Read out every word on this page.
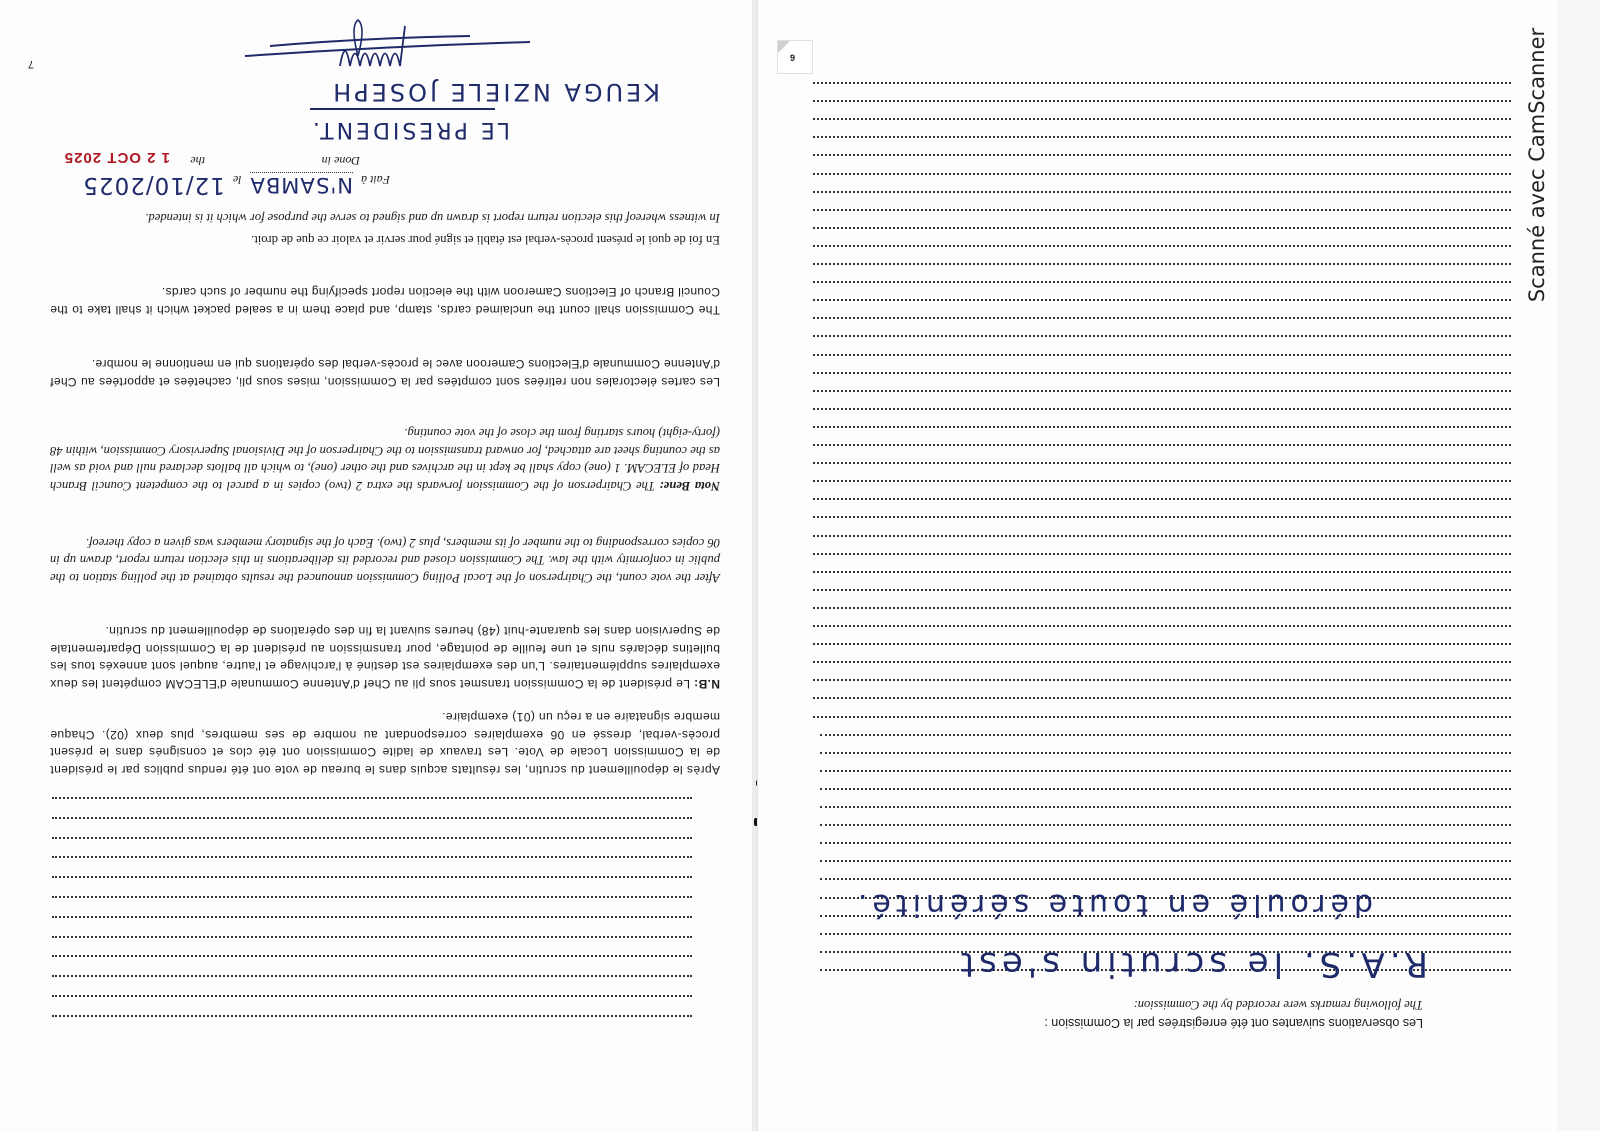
7
KEUGA NZIELE JOSEPH
LE PRESIDENT.
Done in
the
1 2 OCT 2025
Fait à
N'SAMBA
le
12/10/2025
In witness whereof this election return report is drawn up and signed to serve the purpose for which it is intended.
En foi de quoi le présent procès-verbal est établi et signé pour servir et valoir ce que de droit.
The Commission shall count the unclaimed cards, stamp, and place them in a sealed packet which it shall take to the Council Branch of Elections Cameroon with the election report specifying the number of such cards.
Les cartes électorales non retirées sont comptées par la Commission, mises sous pli, cachetées et apportées au Chef d'Antenne Communale d'Elections Cameroon avec le procès-verbal des opérations qui en mentionne le nombre.
Nota Bene: The Chairperson of the Commission forwards the extra 2 (two) copies in a parcel to the competent Council Branch Head of ELECAM. 1 (one) copy shall be kept in the archives and the other (one), to which all ballots declared null and void as well as the counting sheet are attached, for onward transmission to the Chairperson of the Divisional Supervisory Commission, within 48 (forty-eight) hours starting from the close of the vote counting.
After the vote count, the Chairperson of the Local Polling Commission announced the results obtained at the polling station to the public in conformity with the law. The Commission closed and recorded its deliberations in this election return report, drawn up in 06 copies corresponding to the number of its members, plus 2 (two). Each of the signatory members was given a copy thereof.
N.B: Le président de la Commission transmet sous pli au Chef d'Antenne Communale d'ELECAM compétent les deux exemplaires supplémentaires. L'un des exemplaires est destiné à l'archivage et l'autre, auquel sont annexés tous les bulletins déclarés nuls et une feuille de pointage, pour transmission au président de la Commission Départementale de Supervision dans les quarante-huit (48) heures suivant la fin des opérations de dépouillement du scrutin.
Après le dépouillement du scrutin, les résultats acquis dans le bureau de vote ont été rendus publics par le président de la Commission Locale de Vote. Les travaux de ladite Commission ont été clos et consignés dans le présent procès-verbal, dressé en 06 exemplaires correspondant au nombre de ses membres, plus deux (02). Chaque membre signataire en a reçu un (01) exemplaire.
R.A.S. le scrutin s'est
déroulé en toute sérénité.
The following remarks were recorded by the Commission:
Les observations suivantes ont été enregistrées par la Commission :
9	Scanné avec CamScanner
